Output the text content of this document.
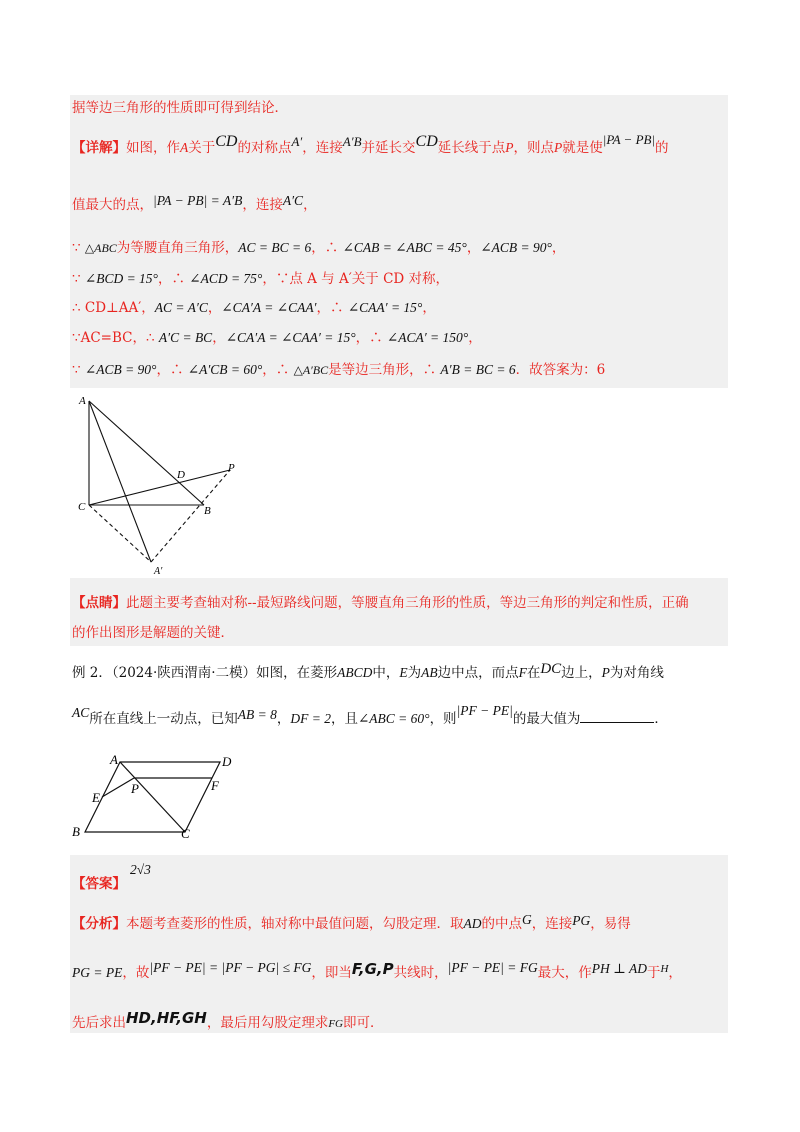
据等边三角形的性质即可得到结论．
【详解】如图，作A关于CD的对称点A′，连接A′B并延长交CD延长线于点P，则点P就是使|PA − PB|的
值最大的点，|PA − PB| = A′B，连接A′C，
∵ △ABC为等腰直角三角形，AC = BC = 6，∴ ∠CAB = ∠ABC = 45°，∠ACB = 90°，
∵ ∠BCD = 15°，∴ ∠ACD = 75°，∵点 A 与 A′关于 CD 对称，
∴ CD⊥AA′，AC = A′C，∠CA′A = ∠CAA′，∴ ∠CAA′ = 15°，
∵AC=BC，∴ A′C = BC，∠CA′A = ∠CAA′ = 15°，∴ ∠ACA′ = 150°，
∵ ∠ACB = 90°，∴ ∠A′CB = 60°，∴ △A′BC是等边三角形，∴ A′B = BC = 6．故答案为：6
A
C	B
D
P
A′
【点睛】此题主要考查轴对称--最短路线问题，等腰直角三角形的性质，等边三角形的判定和性质，正确
的作出图形是解题的关键．
例 2．（2024·陕西渭南·二模）如图，在菱形ABCD中，E为AB边中点，而点F在DC边上，P为对角线
AC所在直线上一动点，已知AB = 8，DF = 2，且∠ABC = 60°，则|PF − PE|的最大值为	．
A	D
E
P	F
B	C
【答案】2√3
【分析】本题考查菱形的性质，轴对称中最值问题，勾股定理．取AD的中点G，连接PG，易得
PG = PE，故|PF − PE| = |PF − PG| ≤ FG，即当F,G,P共线时，|PF − PE| = FG最大，作PH ⊥ AD于$^H$，
先后求出HD,HF,GH，最后用勾股定理求FG即可．
